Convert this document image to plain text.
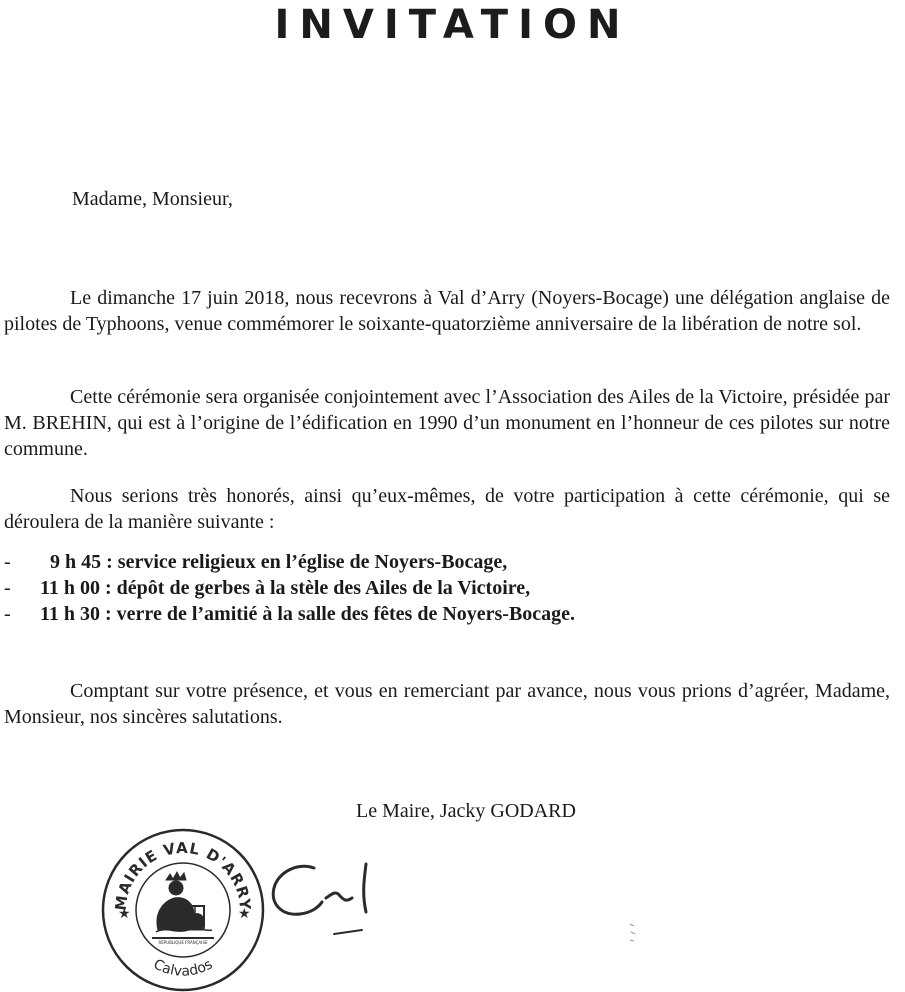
INVITATION

Madame, Monsieur,

Le dimanche 17 juin 2018, nous recevrons à Val d’Arry (Noyers-Bocage) une délégation anglaise de pilotes de Typhoons, venue commémorer le soixante-quatorzième anniversaire de la libération de notre sol.

Cette cérémonie sera organisée conjointement avec l’Association des Ailes de la Victoire, présidée par M. BREHIN, qui est à l’origine de l’édification en 1990 d’un monument en l’honneur de ces pilotes sur notre commune.

Nous serions très honorés, ainsi qu’eux-mêmes, de votre participation à cette cérémonie, qui se déroulera de la manière suivante :

- 9 h 45 : service religieux en l’église de Noyers-Bocage,
- 11 h 00 : dépôt de gerbes à la stèle des Ailes de la Victoire,
- 11 h 30 : verre de l’amitié à la salle des fêtes de Noyers-Bocage.

Comptant sur votre présence, et vous en remerciant par avance, nous vous prions d’agréer, Madame, Monsieur, nos sincères salutations.

Le Maire, Jacky GODARD

MAIRIE VAL D'ARRY
Calvados
★	★
RÉPUBLIQUE FRANÇAISE
